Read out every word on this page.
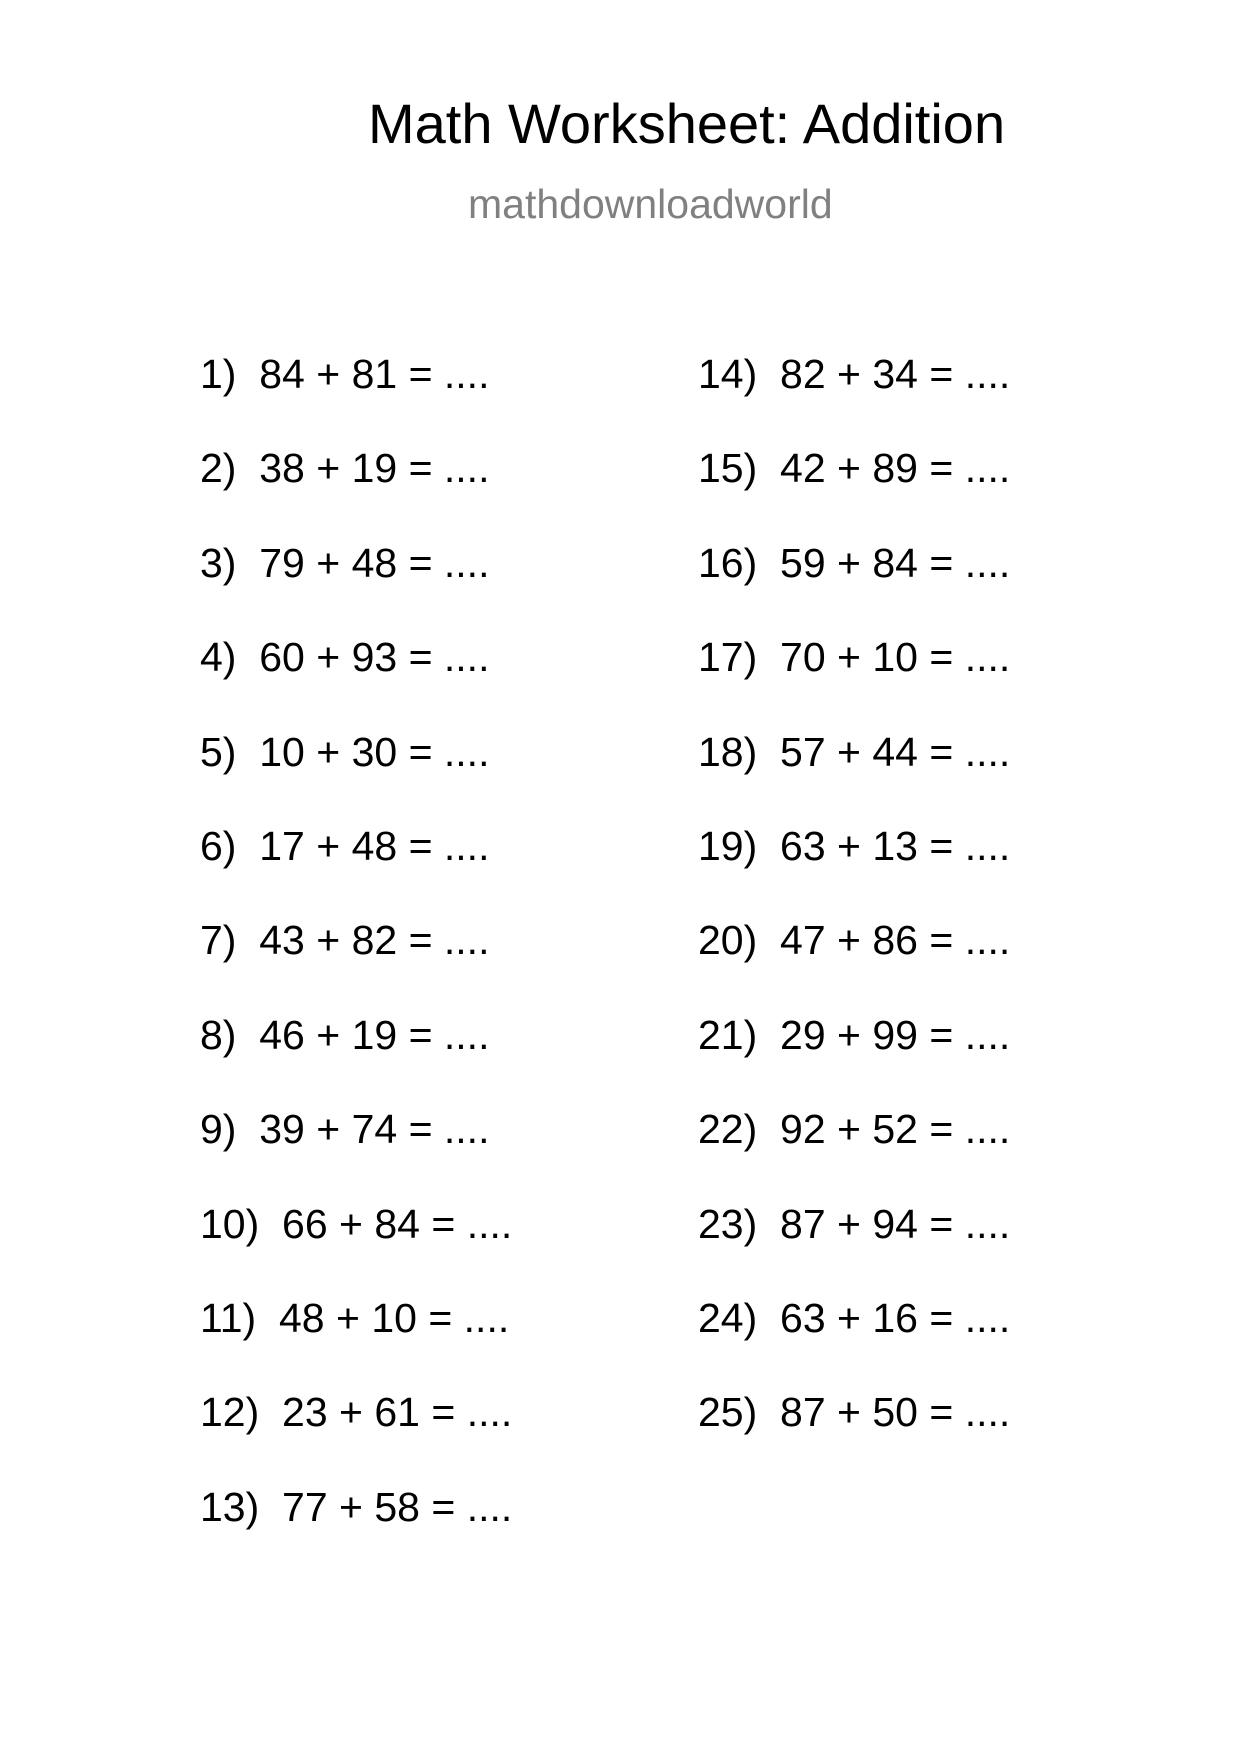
Math Worksheet: Addition
mathdownloadworld
1)  84 + 81 = ....
2)  38 + 19 = ....
3)  79 + 48 = ....
4)  60 + 93 = ....
5)  10 + 30 = ....
6)  17 + 48 = ....
7)  43 + 82 = ....
8)  46 + 19 = ....
9)  39 + 74 = ....
10)  66 + 84 = ....
11)  48 + 10 = ....
12)  23 + 61 = ....
13)  77 + 58 = ....
14)  82 + 34 = ....
15)  42 + 89 = ....
16)  59 + 84 = ....
17)  70 + 10 = ....
18)  57 + 44 = ....
19)  63 + 13 = ....
20)  47 + 86 = ....
21)  29 + 99 = ....
22)  92 + 52 = ....
23)  87 + 94 = ....
24)  63 + 16 = ....
25)  87 + 50 = ....
